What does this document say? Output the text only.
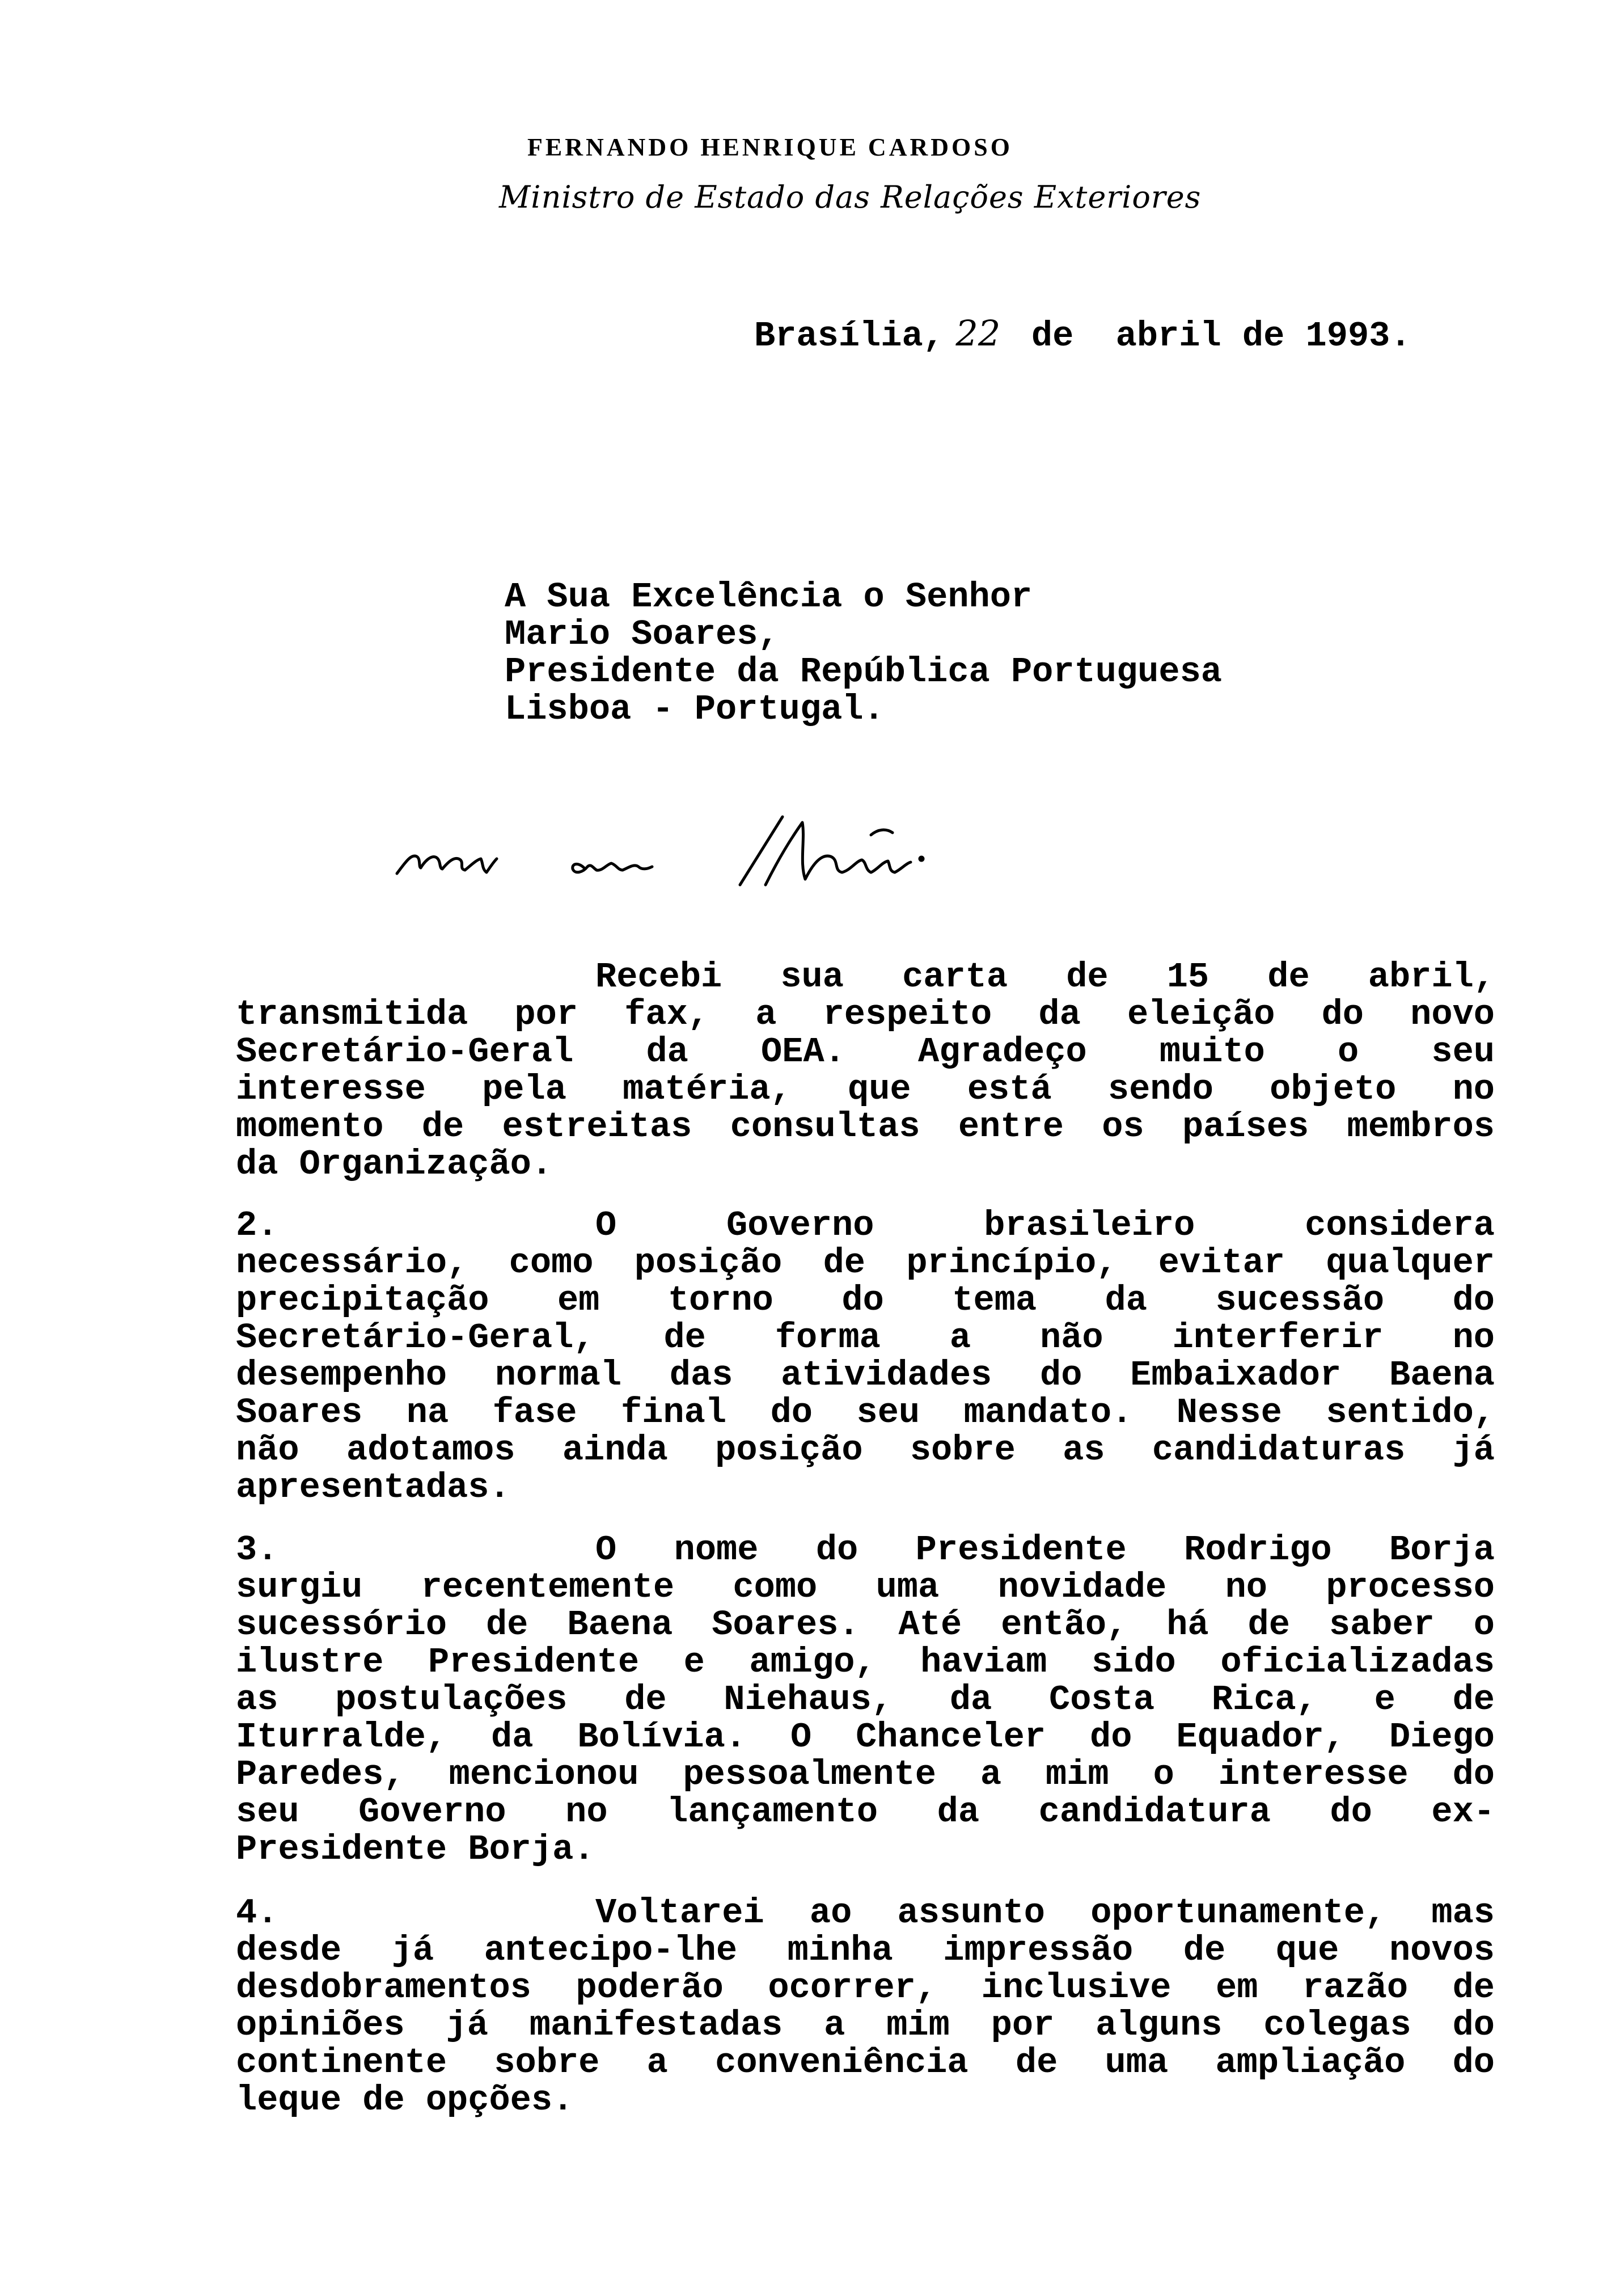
FERNANDO HENRIQUE CARDOSO
Ministro de Estado das Relações Exteriores
Brasília, 22 de  abril de 1993.
A Sua Excelência o Senhor
Mario Soares,
Presidente da República Portuguesa
Lisboa - Portugal.
Recebi sua carta de 15 de abril,
transmitida por fax, a respeito da eleição do novo
Secretário-Geral da OEA. Agradeço muito o seu
interesse pela matéria, que está sendo objeto no
momento de estreitas consultas entre os países membros
da Organização.
2.	O Governo brasileiro considera
necessário, como posição de princípio, evitar qualquer
precipitação em torno do tema da sucessão do
Secretário-Geral, de forma a não interferir no
desempenho normal das atividades do Embaixador Baena
Soares na fase final do seu mandato. Nesse sentido,
não adotamos ainda posição sobre as candidaturas já
apresentadas.
3.	O nome do Presidente Rodrigo Borja
surgiu recentemente como uma novidade no processo
sucessório de Baena Soares. Até então, há de saber o
ilustre Presidente e amigo, haviam sido oficializadas
as postulações de Niehaus, da Costa Rica, e de
Iturralde, da Bolívia. O Chanceler do Equador, Diego
Paredes, mencionou pessoalmente a mim o interesse do
seu Governo no lançamento da candidatura do ex-
Presidente Borja.
4.	Voltarei ao assunto oportunamente, mas
desde já antecipo-lhe minha impressão de que novos
desdobramentos poderão ocorrer, inclusive em razão de
opiniões já manifestadas a mim por alguns colegas do
continente sobre a conveniência de uma ampliação do
leque de opções.
